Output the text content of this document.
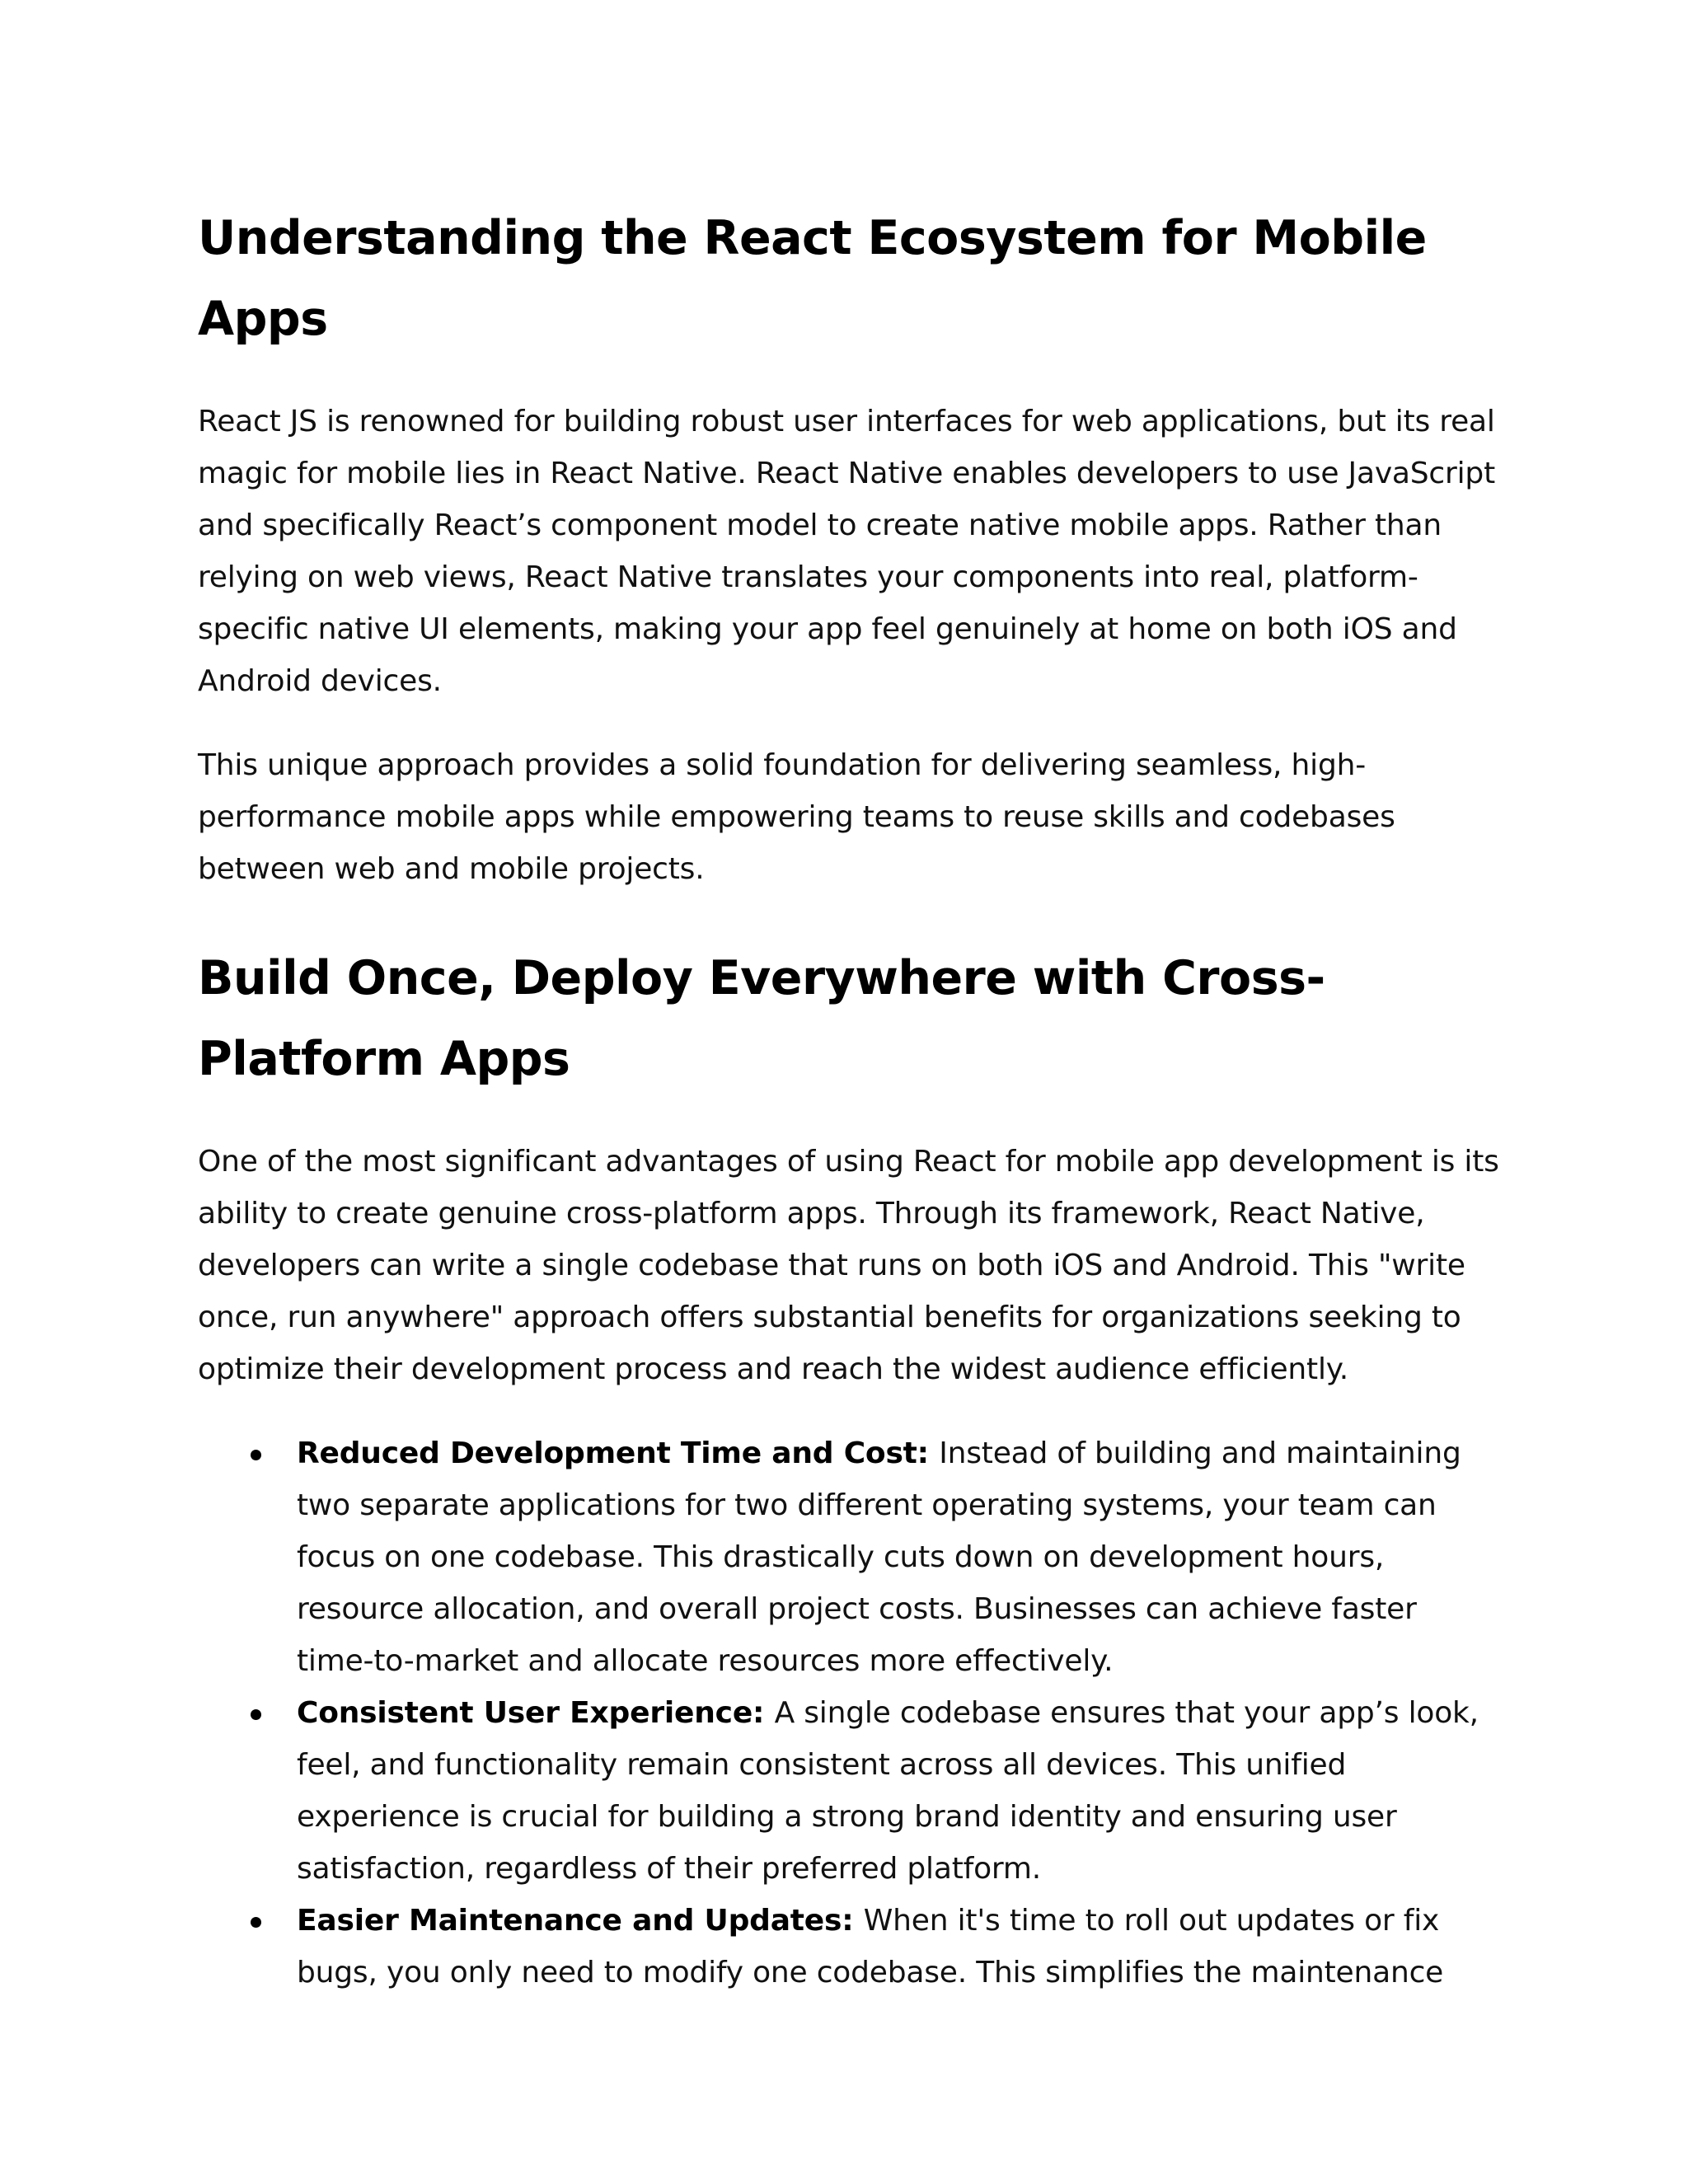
Understanding the React Ecosystem for Mobile Apps

React JS is renowned for building robust user interfaces for web applications, but its real magic for mobile lies in React Native. React Native enables developers to use JavaScript and specifically React’s component model to create native mobile apps. Rather than relying on web views, React Native translates your components into real, platform-specific native UI elements, making your app feel genuinely at home on both iOS and Android devices.

This unique approach provides a solid foundation for delivering seamless, high-performance mobile apps while empowering teams to reuse skills and codebases between web and mobile projects.

Build Once, Deploy Everywhere with Cross-Platform Apps

One of the most significant advantages of using React for mobile app development is its ability to create genuine cross-platform apps. Through its framework, React Native, developers can write a single codebase that runs on both iOS and Android. This "write once, run anywhere" approach offers substantial benefits for organizations seeking to optimize their development process and reach the widest audience efficiently.

Reduced Development Time and Cost: Instead of building and maintaining two separate applications for two different operating systems, your team can focus on one codebase. This drastically cuts down on development hours, resource allocation, and overall project costs. Businesses can achieve faster time-to-market and allocate resources more effectively.
Consistent User Experience: A single codebase ensures that your app’s look, feel, and functionality remain consistent across all devices. This unified experience is crucial for building a strong brand identity and ensuring user satisfaction, regardless of their preferred platform.
Easier Maintenance and Updates: When it's time to roll out updates or fix bugs, you only need to modify one codebase. This simplifies the maintenance
